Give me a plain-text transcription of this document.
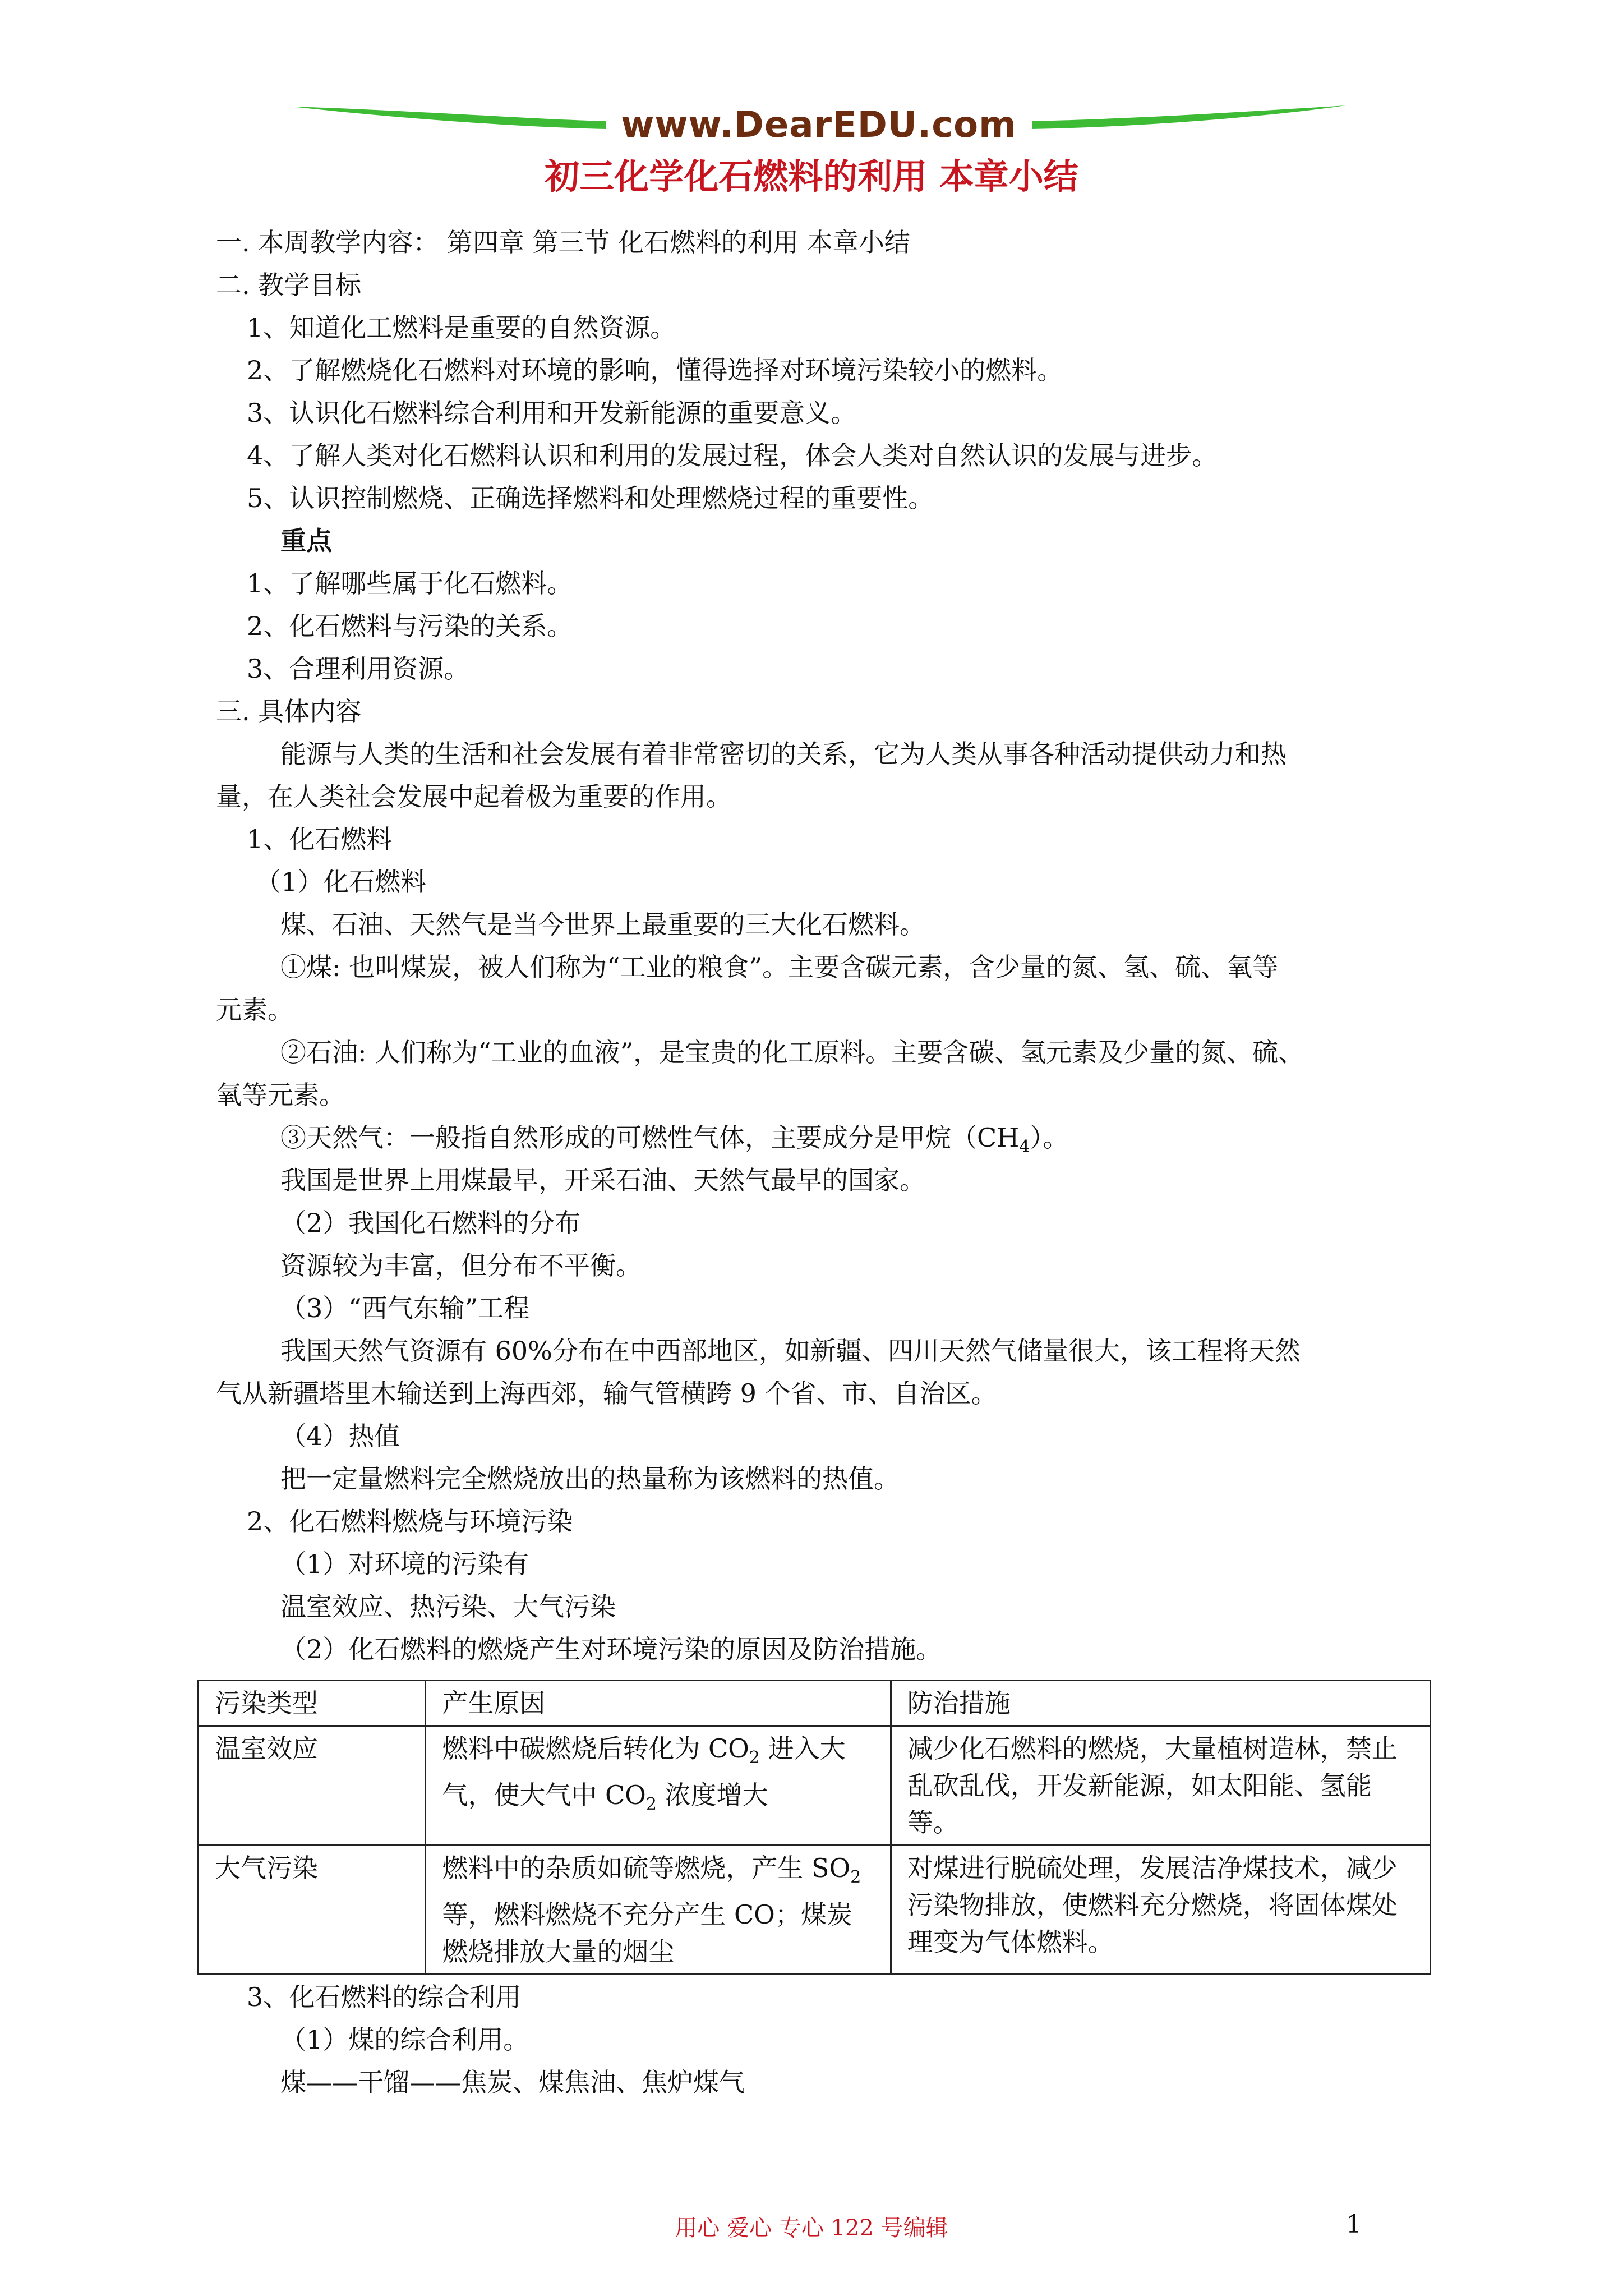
www.DearEDU.com
初三化学化石燃料的利用 本章小结
一. 本周教学内容： 第四章 第三节 化石燃料的利用 本章小结
二. 教学目标
1、知道化工燃料是重要的自然资源。
2、了解燃烧化石燃料对环境的影响，懂得选择对环境污染较小的燃料。
3、认识化石燃料综合利用和开发新能源的重要意义。
4、了解人类对化石燃料认识和利用的发展过程，体会人类对自然认识的发展与进步。
5、认识控制燃烧、正确选择燃料和处理燃烧过程的重要性。
重点
1、了解哪些属于化石燃料。
2、化石燃料与污染的关系。
3、合理利用资源。
三. 具体内容
能源与人类的生活和社会发展有着非常密切的关系，它为人类从事各种活动提供动力和热
量，在人类社会发展中起着极为重要的作用。
1、化石燃料
（1）化石燃料
煤、石油、天然气是当今世界上最重要的三大化石燃料。
①煤: 也叫煤炭，被人们称为“工业的粮食”。主要含碳元素，含少量的氮、氢、硫、氧等
元素。
②石油: 人们称为“工业的血液”，是宝贵的化工原料。主要含碳、氢元素及少量的氮、硫、
氧等元素。
③天然气：一般指自然形成的可燃性气体，主要成分是甲烷$(CH_4)$。
我国是世界上用煤最早，开采石油、天然气最早的国家。
（2）我国化石燃料的分布
资源较为丰富，但分布不平衡。
（3）“西气东输”工程
我国天然气资源有 60%分布在中西部地区，如新疆、四川天然气储量很大，该工程将天然
气从新疆塔里木输送到上海西郊，输气管横跨 9 个省、市、自治区。
（4）热值
把一定量燃料完全燃烧放出的热量称为该燃料的热值。
2、化石燃料燃烧与环境污染
（1）对环境的污染有
温室效应、热污染、大气污染
（2）化石燃料的燃烧产生对环境污染的原因及防治措施。
污染类型	产生原因	防治措施
温室效应	燃料中碳燃烧后转化为 $CO_2$ 进入大气，使大气中 $CO_2$ 浓度增大	减少化石燃料的燃烧，大量植树造林，禁止乱砍乱伐，开发新能源，如太阳能、氢能等。
大气污染	燃料中的杂质如硫等燃烧，产生 $SO_2$ 等，燃料燃烧不充分产生 CO；煤炭燃烧排放大量的烟尘	对煤进行脱硫处理，发展洁净煤技术，减少污染物排放，使燃料充分燃烧，将固体煤处理变为气体燃料。
3、化石燃料的综合利用
（1）煤的综合利用。
煤——干馏——焦炭、煤焦油、焦炉煤气
用心 爱心 专心 122 号编辑	1
